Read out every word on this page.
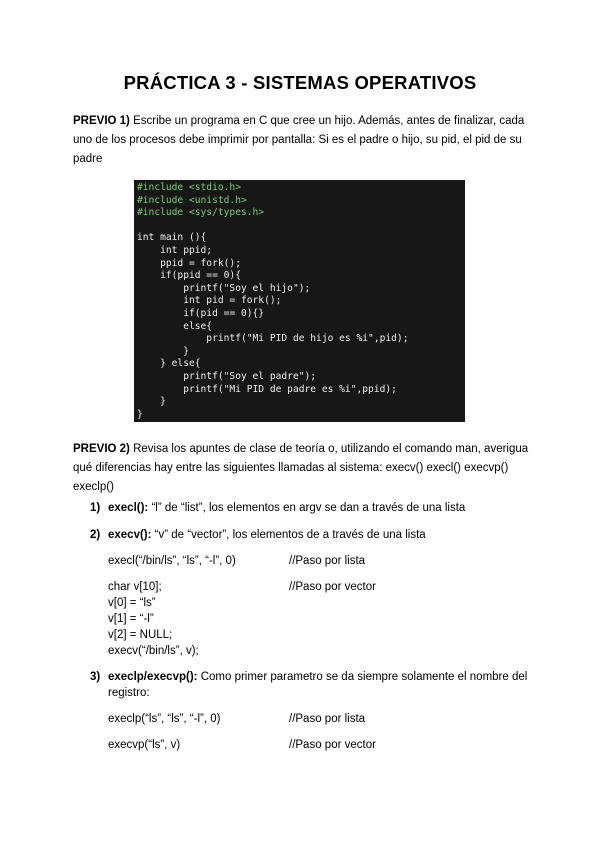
PRÁCTICA 3 - SISTEMAS OPERATIVOS
PREVIO 1) Escribe un programa en C que cree un hijo. Además, antes de finalizar, cada uno de los procesos debe imprimir por pantalla: Si es el padre o hijo, su pid, el pid de su padre
#include <stdio.h>
#include <unistd.h>
#include <sys/types.h>

int main (){
int ppid;
ppid = fork();
if(ppid == 0){
printf("Soy el hijo");
int pid = fork();
if(pid == 0){}
else{
printf("Mi PID de hijo es %i",pid);
}
} else{
printf("Soy el padre");
printf("Mi PID de padre es %i",ppid);
}
}

PREVIO 2) Revisa los apuntes de clase de teoría o, utilizando el comando man, averigua qué diferencias hay entre las siguientes llamadas al sistema: execv() execl() execvp() execlp()
1) execl(): “l” de “list”, los elementos en argv se dan a través de una lista
2) execv(): “v” de “vector”, los elementos de a través de una lista
execl(“/bin/ls”, “ls”, “-l”, 0)	//Paso por lista
char v[10];	//Paso por vector
v[0] = “ls”
v[1] = “-l”
v[2] = NULL;
execv(“/bin/ls”, v);
3) execlp/execvp(): Como primer parametro se da siempre solamente el nombre del registro:
execlp(“ls”, “ls”, “-l”, 0)	//Paso por lista
execvp(“ls”, v)	//Paso por vector
